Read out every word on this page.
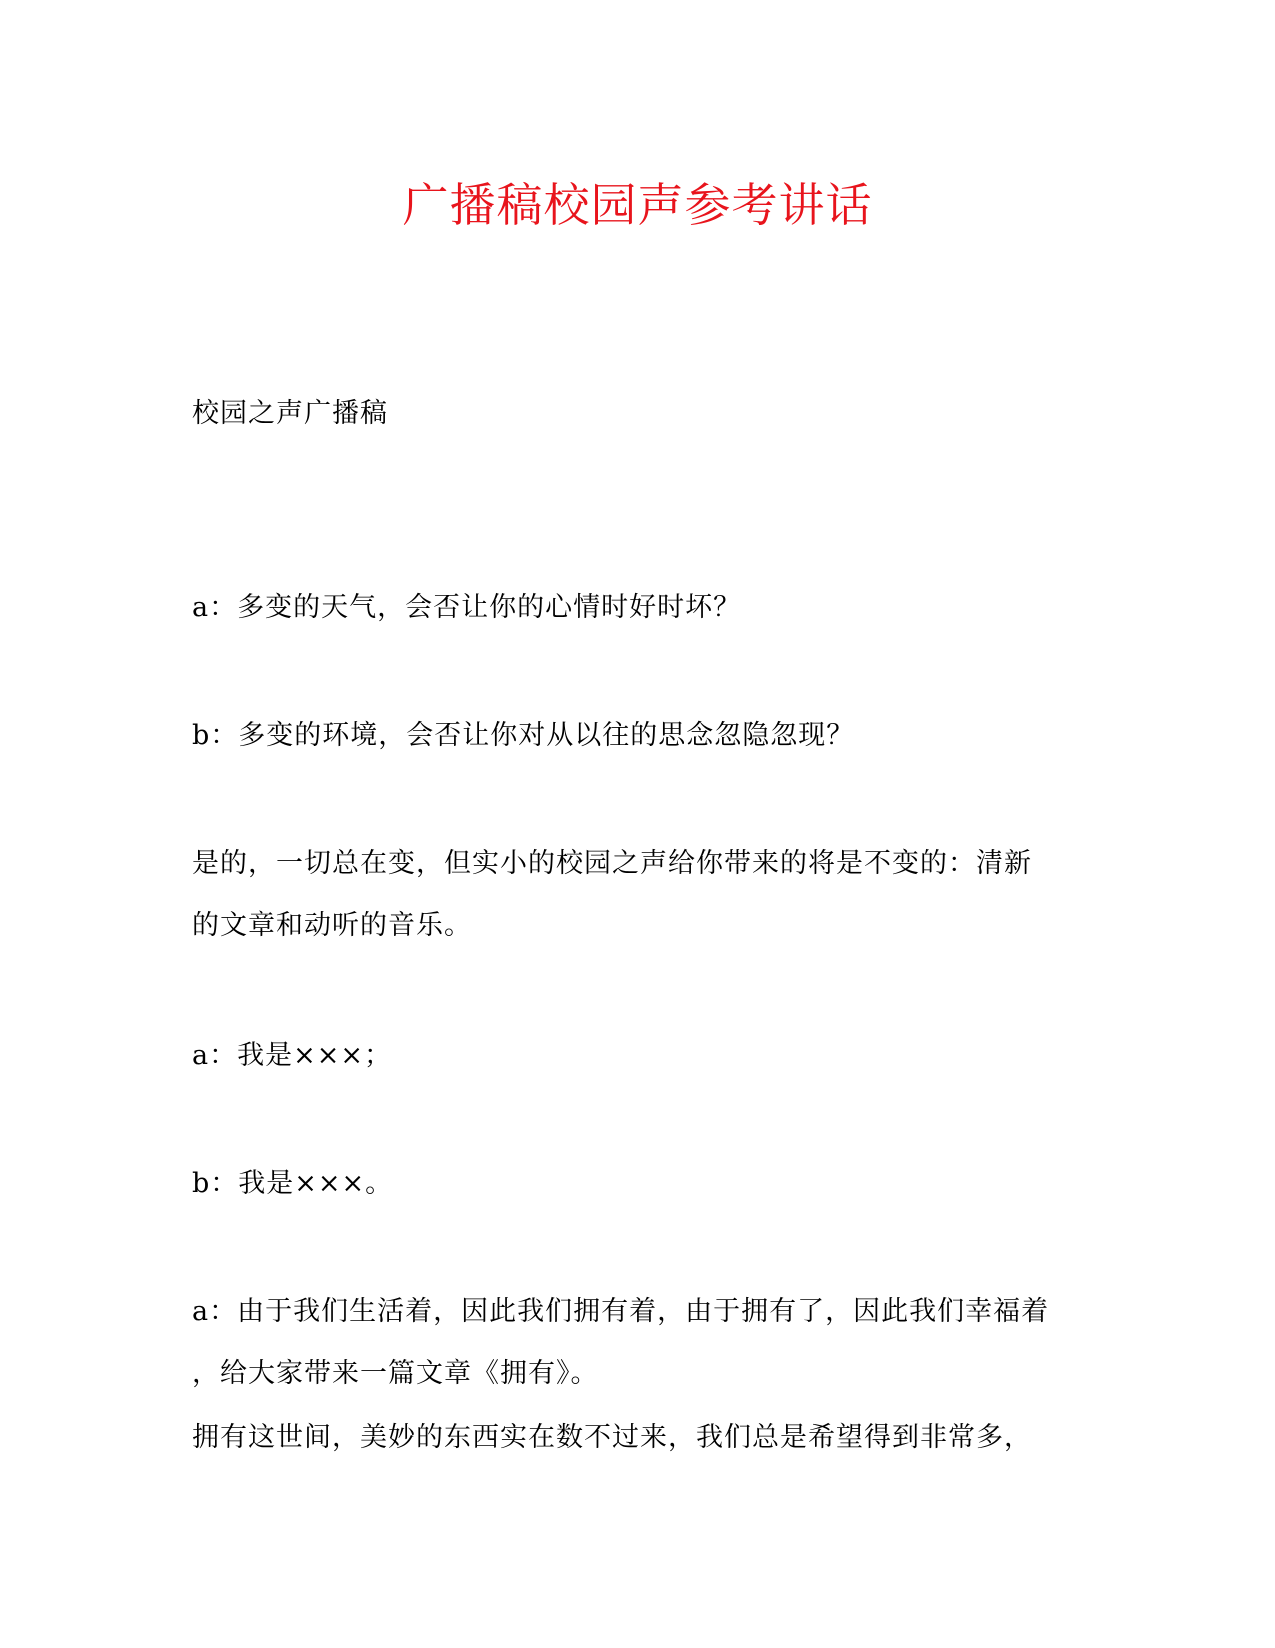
广播稿校园声参考讲话
校园之声广播稿
a：多变的天气，会否让你的心情时好时坏？
b：多变的环境，会否让你对从以往的思念忽隐忽现？
是的，一切总在变，但实小的校园之声给你带来的将是不变的：清新
的文章和动听的音乐。
a：我是×××；
b：我是×××。
a：由于我们生活着，因此我们拥有着，由于拥有了，因此我们幸福着
，给大家带来一篇文章《拥有》。
拥有这世间，美妙的东西实在数不过来，我们总是希望得到非常多，
